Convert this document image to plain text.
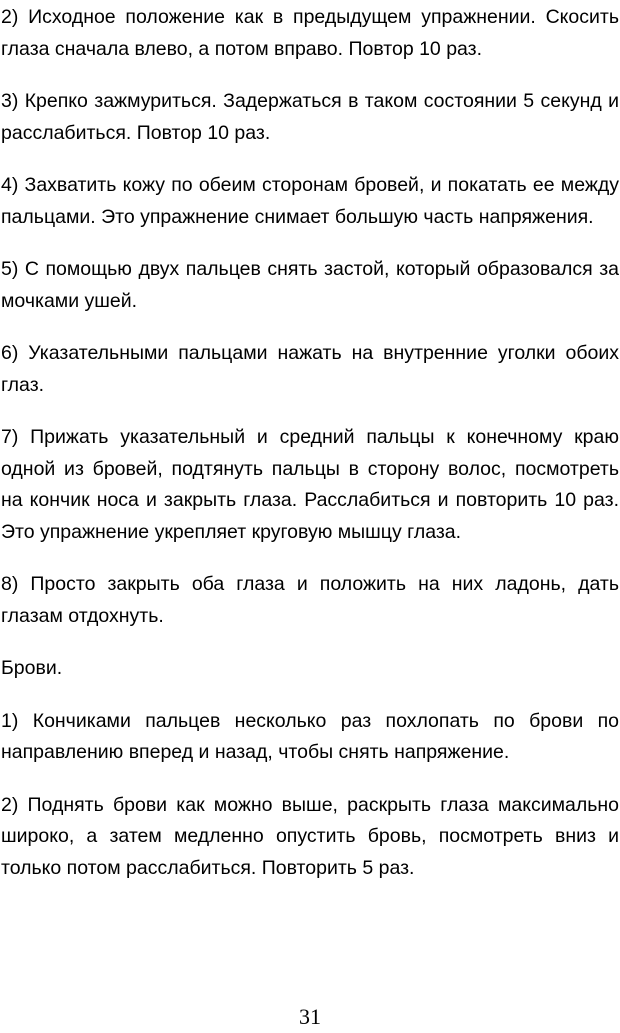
2) Исходное положение как в предыдущем упражнении. Скосить глаза сначала влево, а потом вправо. Повтор 10 раз.

3) Крепко зажмуриться. Задержаться в таком состоянии 5 секунд и расслабиться. Повтор 10 раз.

4) Захватить кожу по обеим сторонам бровей, и покатать ее между пальцами. Это упражнение снимает большую часть напряжения.

5) С помощью двух пальцев снять застой, который образовался за мочками ушей.

6) Указательными пальцами нажать на внутренние уголки обоих глаз.

7) Прижать указательный и средний пальцы к конечному краю одной из бровей, подтянуть пальцы в сторону волос, посмотреть на кончик носа и закрыть глаза. Расслабиться и повторить 10 раз. Это упражнение укрепляет круговую мышцу глаза.

8) Просто закрыть оба глаза и положить на них ладонь, дать глазам отдохнуть.

Брови.

1) Кончиками пальцев несколько раз похлопать по брови по направлению вперед и назад, чтобы снять напряжение.

2) Поднять брови как можно выше, раскрыть глаза максимально широко, а затем медленно опустить бровь, посмотреть вниз и только потом расслабиться. Повторить 5 раз.

31
